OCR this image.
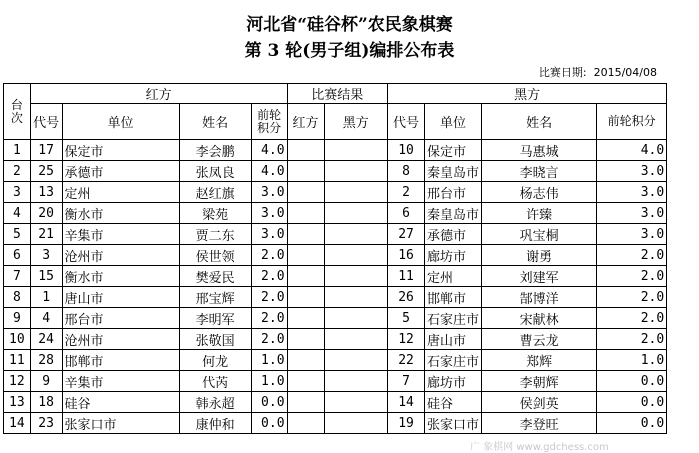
河北省“硅谷杯”农民象棋赛
第 3 轮(男子组)编排公布表
比赛日期: 2015/04/08
台次	红方				比赛结果		黑方			
	代号	单位	姓名	前轮积分	红方	黑方	代号	单位	姓名	前轮积分
1	17	保定市	李会鹏	4.0			10	保定市	马惠城	4.0
2	25	承德市	张凤良	4.0			8	秦皇岛市	李晓言	3.0
3	13	定州	赵红旗	3.0			2	邢台市	杨志伟	3.0
4	20	衡水市	梁苑	3.0			6	秦皇岛市	许臻	3.0
5	21	辛集市	贾二东	3.0			27	承德市	巩宝桐	3.0
6	3	沧州市	侯世领	2.0			16	廊坊市	谢勇	2.0
7	15	衡水市	樊爱民	2.0			11	定州	刘建军	2.0
8	1	唐山市	邢宝辉	2.0			26	邯郸市	郜博洋	2.0
9	4	邢台市	李明军	2.0			5	石家庄市	宋献林	2.0
10	24	沧州市	张敬国	2.0			12	唐山市	曹云龙	2.0
11	28	邯郸市	何龙	1.0			22	石家庄市	郑辉	1.0
12	9	辛集市	代芮	1.0			7	廊坊市	李朝辉	0.0
13	18	硅谷	韩永超	0.0			14	硅谷	侯剑英	0.0
14	23	张家口市	康仲和	0.0			19	张家口市	李登旺	0.0
广 象棋网 www.gdchess.com
